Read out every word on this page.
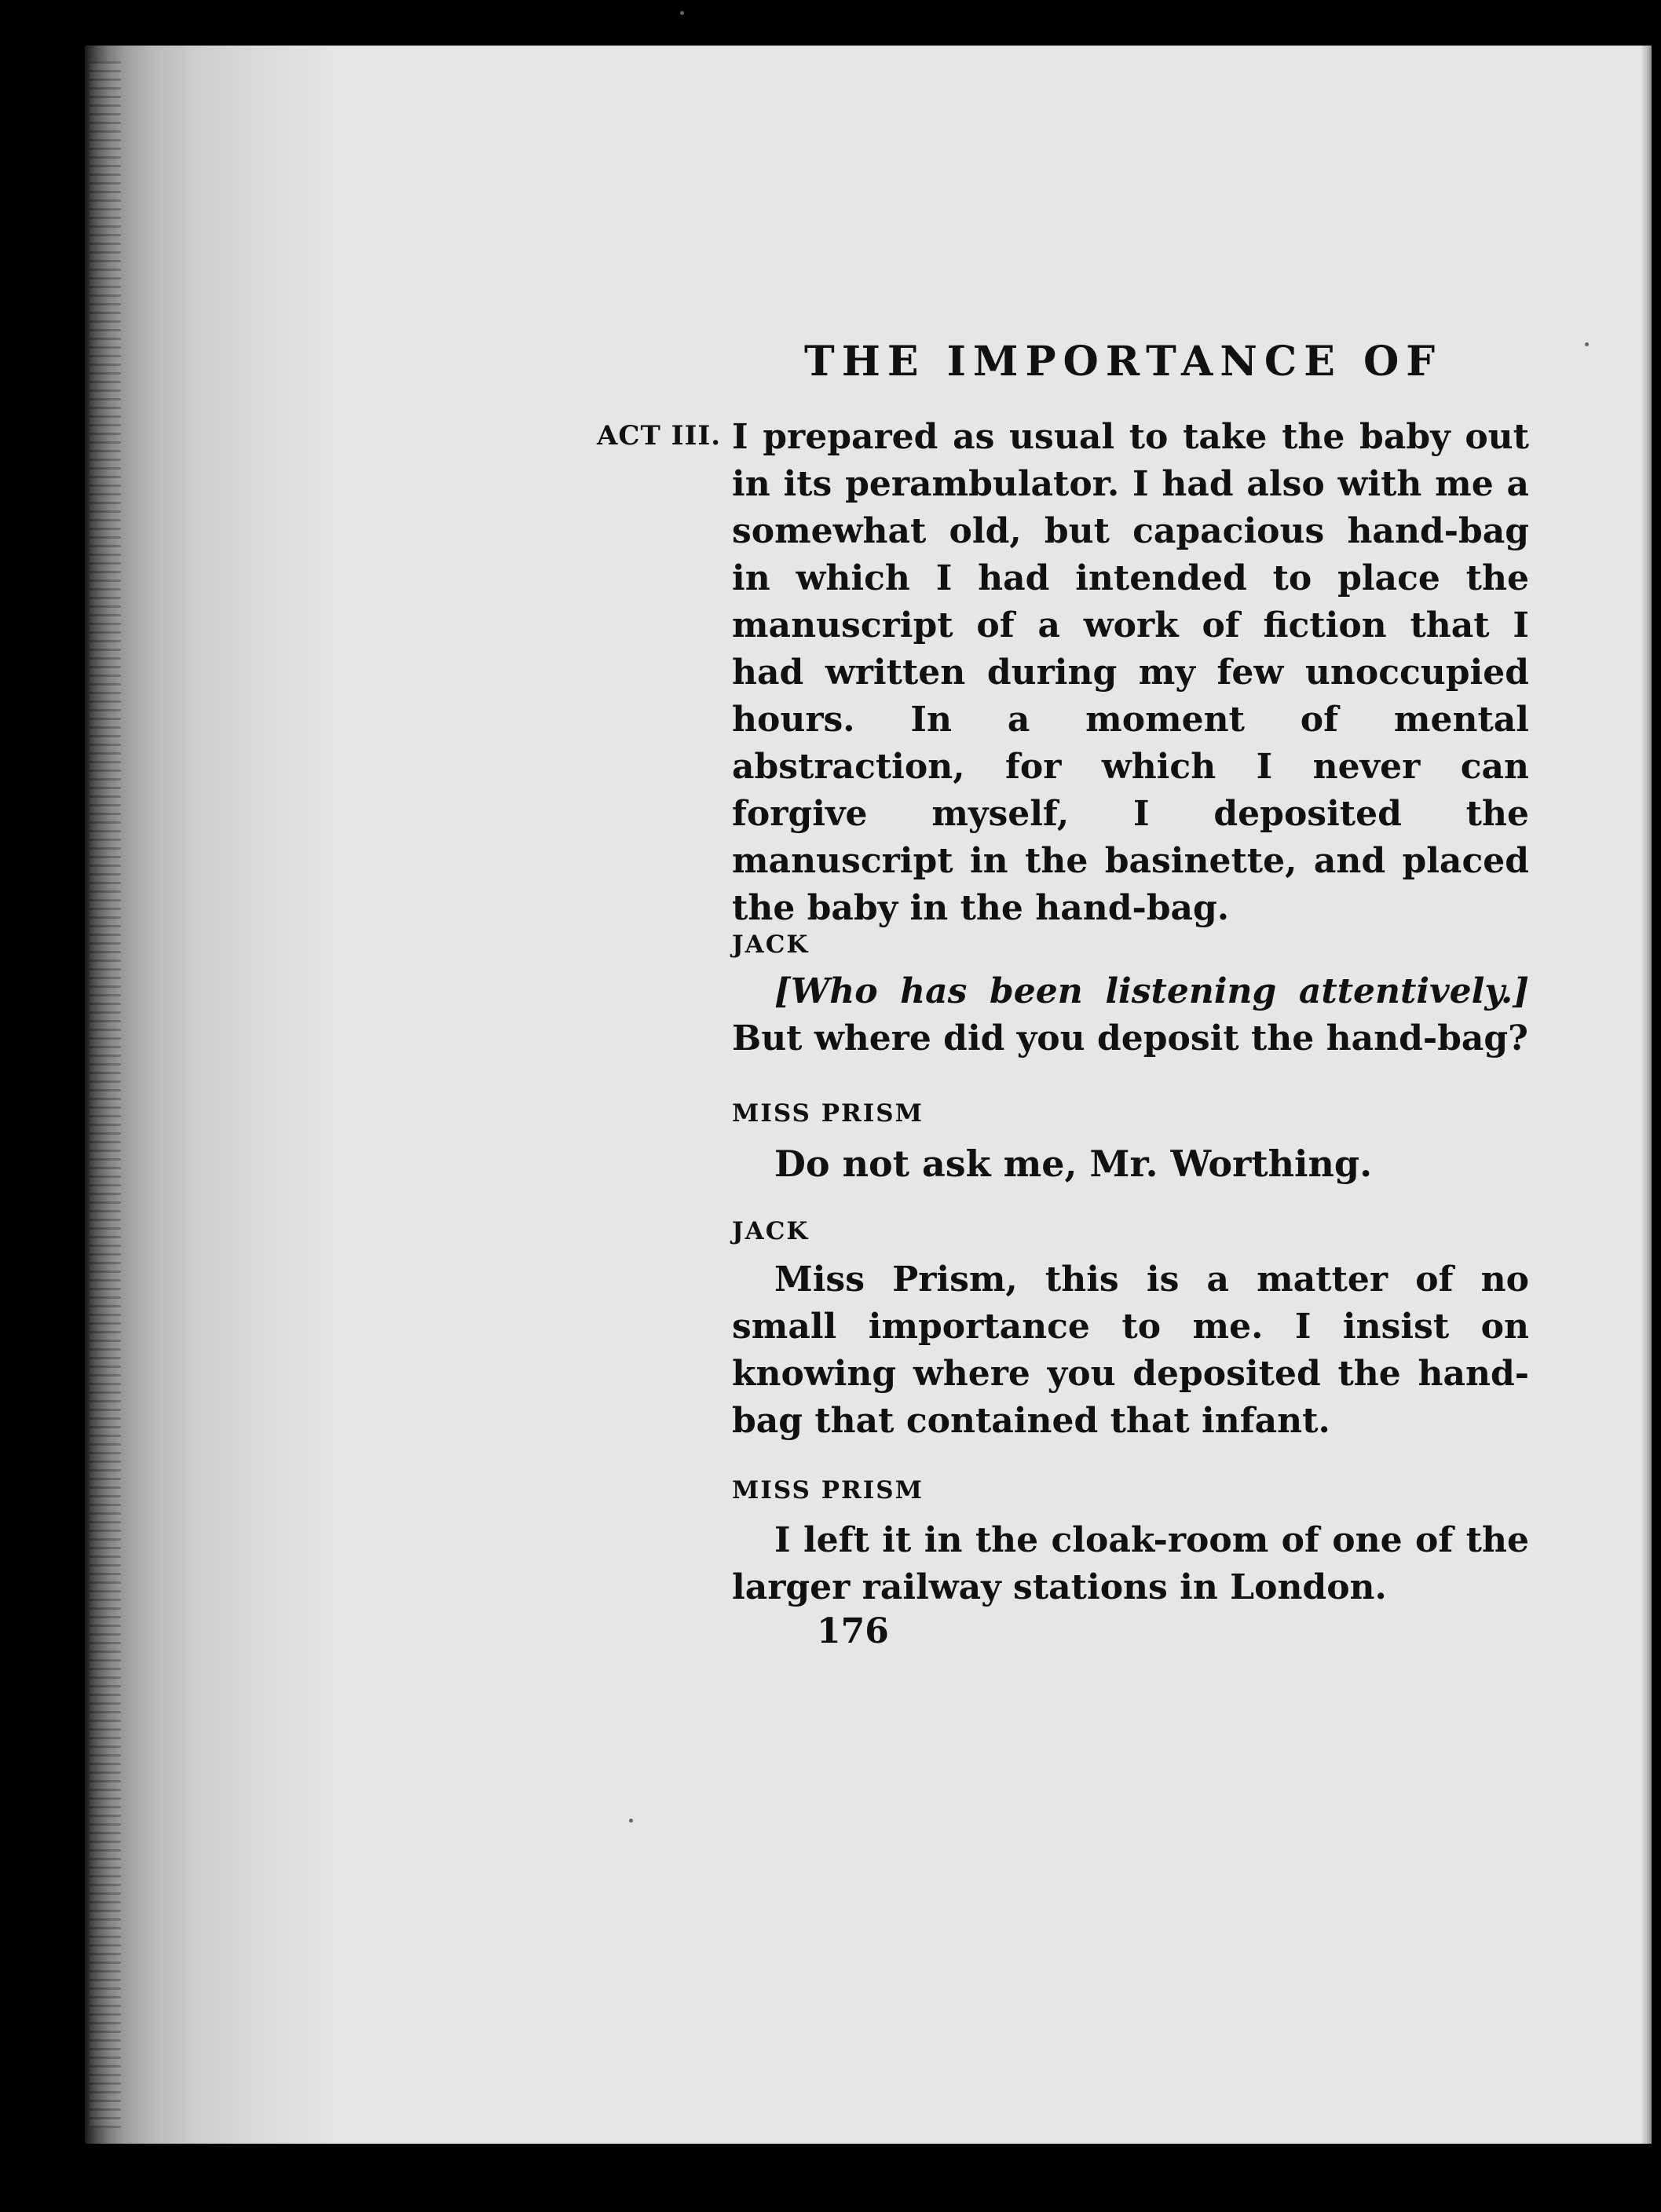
THE IMPORTANCE OF

ACT III. I prepared as usual to take the baby out in its perambulator. I had also with me a somewhat old, but capacious hand-bag in which I had intended to place the manuscript of a work of fiction that I had written during my few unoccupied hours. In a moment of mental abstraction, for which I never can forgive myself, I deposited the manuscript in the basinette, and placed the baby in the hand-bag.

JACK

[Who has been listening attentively.] But where did you deposit the hand-bag?

MISS PRISM

Do not ask me, Mr. Worthing.

JACK

Miss Prism, this is a matter of no small importance to me. I insist on knowing where you deposited the hand-bag that contained that infant.

MISS PRISM

I left it in the cloak-room of one of the larger railway stations in London.

176
